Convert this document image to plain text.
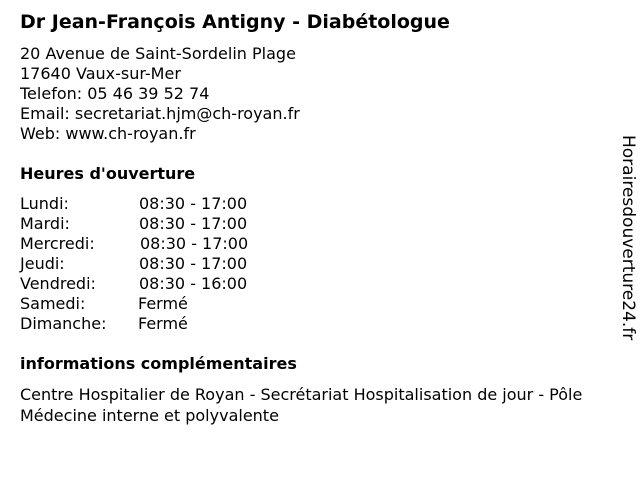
Dr Jean-François Antigny - Diabétologue
20 Avenue de Saint-Sordelin Plage
17640 Vaux-sur-Mer
Telefon: 05 46 39 52 74
Email: secretariat.hjm@ch-royan.fr
Web: www.ch-royan.fr
Heures d'ouverture
Lundi:	08:30 - 17:00
Mardi:	08:30 - 17:00
Mercredi:	08:30 - 17:00
Jeudi:	08:30 - 17:00
Vendredi:	08:30 - 16:00
Samedi:	Fermé
Dimanche: Fermé
informations complémentaires
Centre Hospitalier de Royan - Secrétariat Hospitalisation de jour - Pôle Médecine interne et polyvalente
Horairesdouverture24.fr
